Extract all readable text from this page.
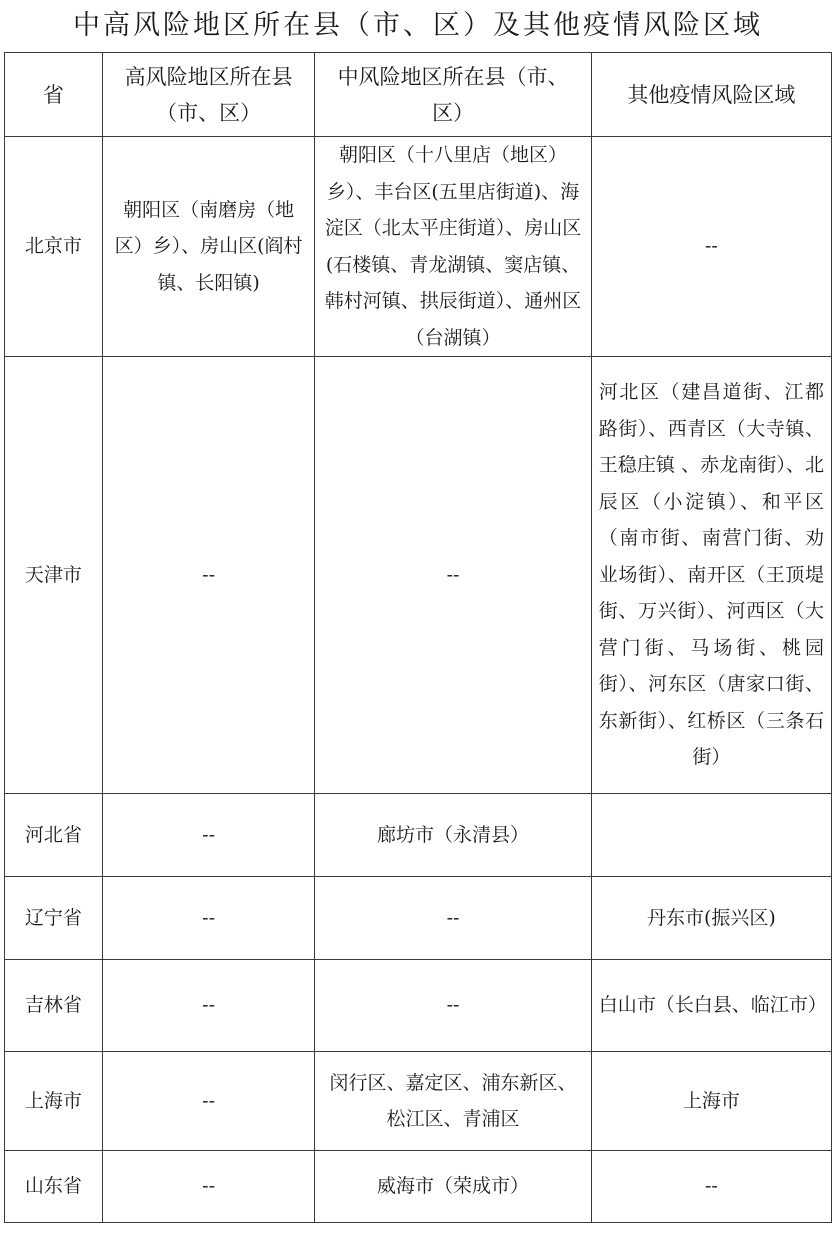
中高风险地区所在县（市、区）及其他疫情风险区域
省	高风险地区所在县（市、区）	中风险地区所在县（市、区）	其他疫情风险区域
北京市	朝阳区（南磨房（地区）乡）、房山区(阎村镇、长阳镇)	朝阳区（十八里店（地区）乡）、丰台区(五里店街道)、海淀区（北太平庄街道）、房山区(石楼镇、青龙湖镇、窦店镇、韩村河镇、拱辰街道）、通州区（台湖镇）	--
天津市	--	--	河北区（建昌道街、江都路街）、西青区（大寺镇、王稳庄镇 、赤龙南街）、北辰区（小淀镇）、和平区（南市街、南营门街、劝业场街）、南开区（王顶堤街、万兴街）、河西区（大营门街、马场街、桃园街）、河东区（唐家口街、东新街）、红桥区（三条石街）
河北省	--	廊坊市（永清县）	
辽宁省	--	--	丹东市(振兴区)
吉林省	--	--	白山市（长白县、临江市）
上海市	--	闵行区、嘉定区、浦东新区、松江区、青浦区	上海市
山东省	--	威海市（荣成市）	--
